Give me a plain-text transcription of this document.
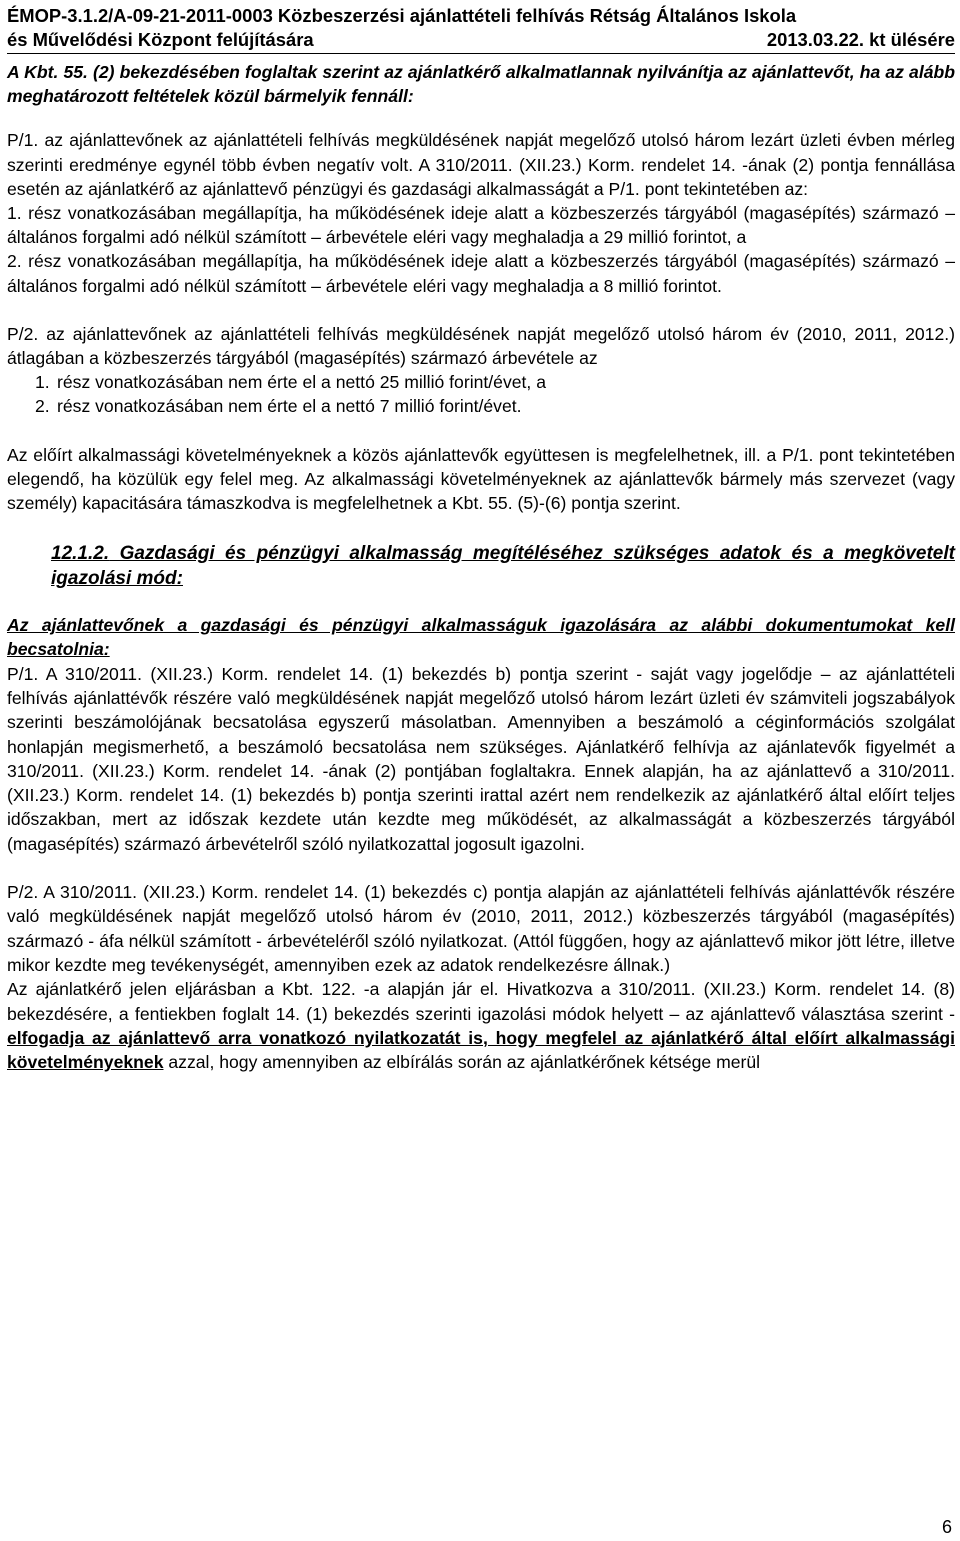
ÉMOP-3.1.2/A-09-21-2011-0003 Közbeszerzési ajánlattételi felhívás Rétság Általános Iskola
és Művelődési Központ felújítására	2013.03.22. kt ülésére

A Kbt. 55. (2) bekezdésében foglaltak szerint az ajánlatkérő alkalmatlannak nyilvánítja az ajánlattevőt, ha az alább meghatározott feltételek közül bármelyik fennáll:

P/1. az ajánlattevőnek az ajánlattételi felhívás megküldésének napját megelőző utolsó három lezárt üzleti évben mérleg szerinti eredménye egynél több évben negatív volt. A 310/2011. (XII.23.) Korm. rendelet 14. -ának (2) pontja fennállása esetén az ajánlatkérő az ajánlattevő pénzügyi és gazdasági alkalmasságát a P/1. pont tekintetében az:

1. rész vonatkozásában megállapítja, ha működésének ideje alatt a közbeszerzés tárgyából (magasépítés) származó – általános forgalmi adó nélkül számított – árbevétele eléri vagy meghaladja a 29 millió forintot, a

2. rész vonatkozásában megállapítja, ha működésének ideje alatt a közbeszerzés tárgyából (magasépítés) származó – általános forgalmi adó nélkül számított – árbevétele eléri vagy meghaladja a 8 millió forintot.

P/2. az ajánlattevőnek az ajánlattételi felhívás megküldésének napját megelőző utolsó három év (2010, 2011, 2012.) átlagában a közbeszerzés tárgyából (magasépítés) származó árbevétele az

1. rész vonatkozásában nem érte el a nettó 25 millió forint/évet, a
2. rész vonatkozásában nem érte el a nettó 7 millió forint/évet.

Az előírt alkalmassági követelményeknek a közös ajánlattevők együttesen is megfelelhetnek, ill. a P/1. pont tekintetében elegendő, ha közülük egy felel meg. Az alkalmassági követelményeknek az ajánlattevők bármely más szervezet (vagy személy) kapacitására támaszkodva is megfelelhetnek a Kbt. 55. (5)-(6) pontja szerint.

12.1.2. Gazdasági és pénzügyi alkalmasság megítéléséhez szükséges adatok és a megkövetelt igazolási mód:

Az ajánlattevőnek a gazdasági és pénzügyi alkalmasságuk igazolására az alábbi dokumentumokat kell becsatolnia:

P/1. A 310/2011. (XII.23.) Korm. rendelet 14. (1) bekezdés b) pontja szerint - saját vagy jogelődje – az ajánlattételi felhívás ajánlattévők részére való megküldésének napját megelőző utolsó három lezárt üzleti év számviteli jogszabályok szerinti beszámolójának becsatolása egyszerű másolatban. Amennyiben a beszámoló a céginformációs szolgálat honlapján megismerhető, a beszámoló becsatolása nem szükséges. Ajánlatkérő felhívja az ajánlatevők figyelmét a 310/2011. (XII.23.) Korm. rendelet 14. -ának (2) pontjában foglaltakra. Ennek alapján, ha az ajánlattevő a 310/2011. (XII.23.) Korm. rendelet 14. (1) bekezdés b) pontja szerinti irattal azért nem rendelkezik az ajánlatkérő által előírt teljes időszakban, mert az időszak kezdete után kezdte meg működését, az alkalmasságát a közbeszerzés tárgyából (magasépítés) származó árbevételről szóló nyilatkozattal jogosult igazolni.

P/2. A 310/2011. (XII.23.) Korm. rendelet 14. (1) bekezdés c) pontja alapján az ajánlattételi felhívás ajánlattévők részére való megküldésének napját megelőző utolsó három év (2010, 2011, 2012.) közbeszerzés tárgyából (magasépítés) származó - áfa nélkül számított - árbevételéről szóló nyilatkozat. (Attól függően, hogy az ajánlattevő mikor jött létre, illetve mikor kezdte meg tevékenységét, amennyiben ezek az adatok rendelkezésre állnak.)

Az ajánlatkérő jelen eljárásban a Kbt. 122. -a alapján jár el. Hivatkozva a 310/2011. (XII.23.) Korm. rendelet 14. (8) bekezdésére, a fentiekben foglalt 14. (1) bekezdés szerinti igazolási módok helyett – az ajánlattevő választása szerint - elfogadja az ajánlattevő arra vonatkozó nyilatkozatát is, hogy megfelel az ajánlatkérő által előírt alkalmassági követelményeknek azzal, hogy amennyiben az elbírálás során az ajánlatkérőnek kétsége merül

6
